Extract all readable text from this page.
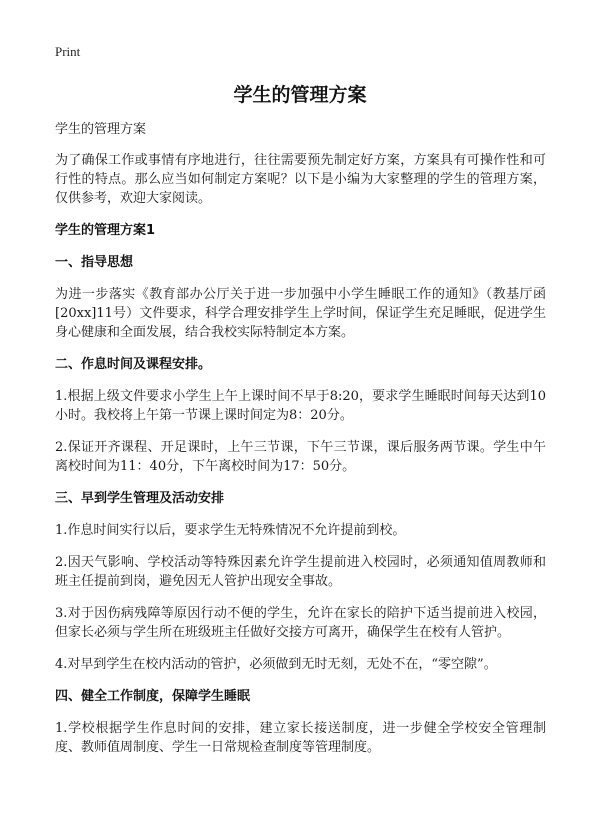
Print
学生的管理方案
学生的管理方案

为了确保工作或事情有序地进行，往往需要预先制定好方案，方案具有可操作性和可行性的特点。那么应当如何制定方案呢？以下是小编为大家整理的学生的管理方案，仅供参考，欢迎大家阅读。

学生的管理方案1
一、指导思想

为进一步落实《教育部办公厅关于进一步加强中小学生睡眠工作的通知》（教基厅函[20xx]11号）文件要求，科学合理安排学生上学时间，保证学生充足睡眠，促进学生身心健康和全面发展，结合我校实际特制定本方案。

二、作息时间及课程安排。

1.根据上级文件要求小学生上午上课时间不早于8:20，要求学生睡眠时间每天达到10小时。我校将上午第一节课上课时间定为8：20分。

2.保证开齐课程、开足课时，上午三节课，下午三节课，课后服务两节课。学生中午离校时间为11：40分，下午离校时间为17：50分。

三、早到学生管理及活动安排

1.作息时间实行以后，要求学生无特殊情况不允许提前到校。

2.因天气影响、学校活动等特殊因素允许学生提前进入校园时，必须通知值周教师和班主任提前到岗，避免因无人管护出现安全事故。

3.对于因伤病残障等原因行动不便的学生，允许在家长的陪护下适当提前进入校园，但家长必须与学生所在班级班主任做好交接方可离开，确保学生在校有人管护。

4.对早到学生在校内活动的管护，必须做到无时无刻，无处不在，“零空隙”。

四、健全工作制度，保障学生睡眠

1.学校根据学生作息时间的安排，建立家长接送制度，进一步健全学校安全管理制度、教师值周制度、学生一日常规检查制度等管理制度。
